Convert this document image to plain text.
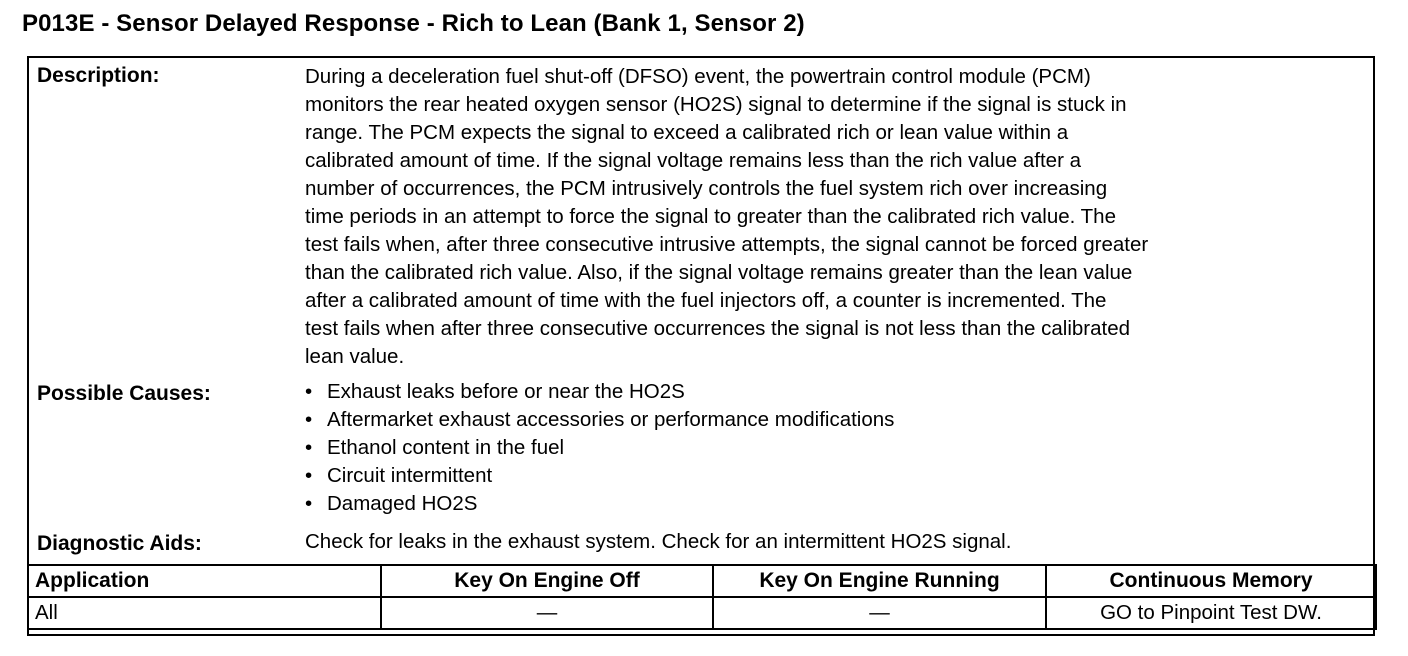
P013E - Sensor Delayed Response - Rich to Lean (Bank 1, Sensor 2)
Description:	During a deceleration fuel shut-off (DFSO) event, the powertrain control module (PCM)
monitors the rear heated oxygen sensor (HO2S) signal to determine if the signal is stuck in
range. The PCM expects the signal to exceed a calibrated rich or lean value within a
calibrated amount of time. If the signal voltage remains less than the rich value after a
number of occurrences, the PCM intrusively controls the fuel system rich over increasing
time periods in an attempt to force the signal to greater than the calibrated rich value. The
test fails when, after three consecutive intrusive attempts, the signal cannot be forced greater
than the calibrated rich value. Also, if the signal voltage remains greater than the lean value
after a calibrated amount of time with the fuel injectors off, a counter is incremented. The
test fails when after three consecutive occurrences the signal is not less than the calibrated
lean value.
Possible Causes:	• Exhaust leaks before or near the HO2S
• Aftermarket exhaust accessories or performance modifications
• Ethanol content in the fuel
• Circuit intermittent
• Damaged HO2S
Diagnostic Aids:	Check for leaks in the exhaust system. Check for an intermittent HO2S signal.
Application	Key On Engine Off	Key On Engine Running	Continuous Memory
All	—	—	GO to Pinpoint Test DW.
